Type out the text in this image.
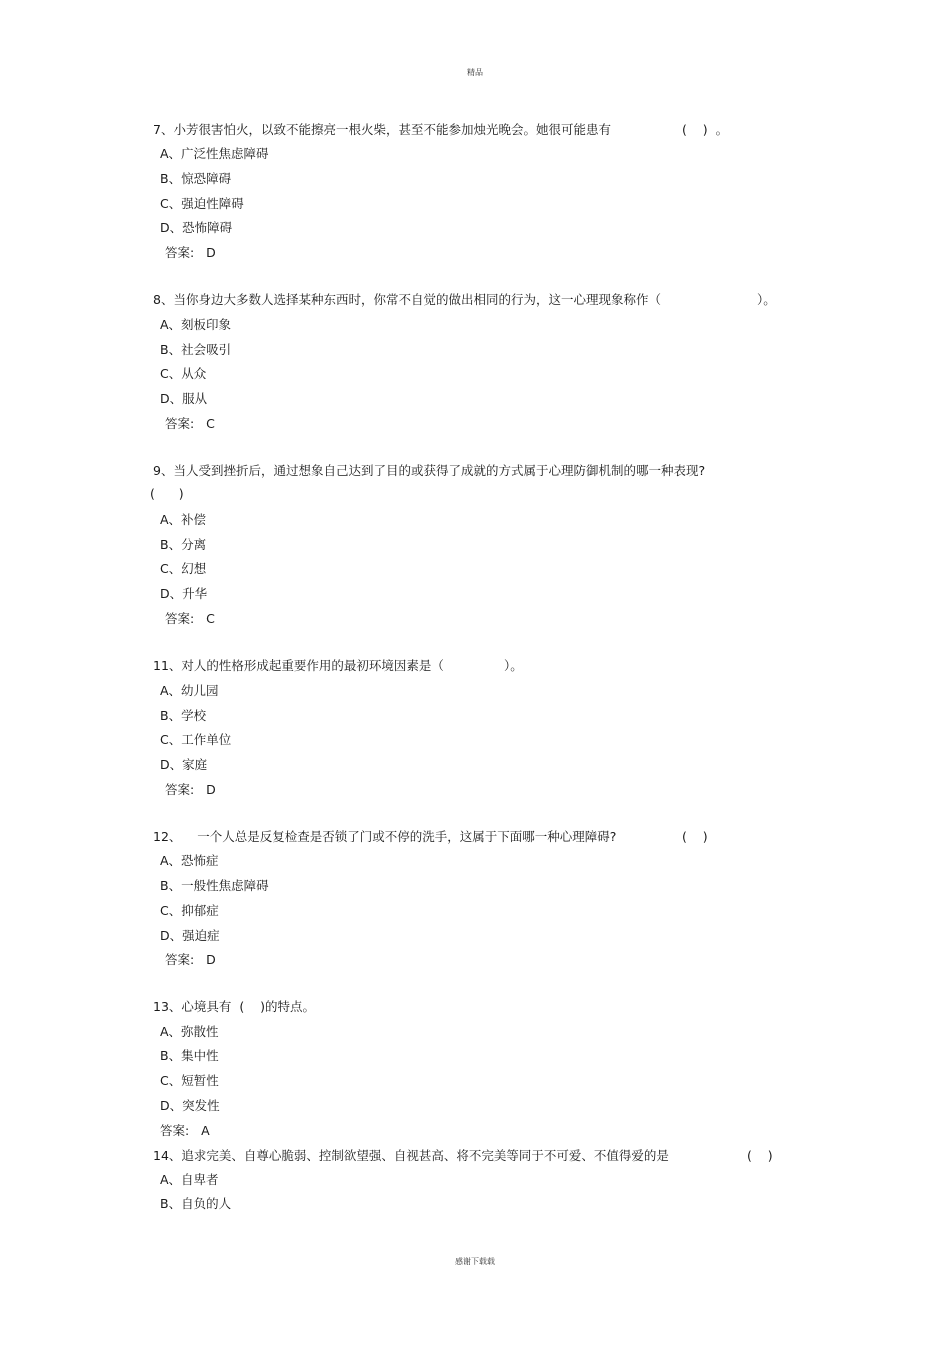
精品
7、小芳很害怕火，以致不能擦亮一根火柴，甚至不能参加烛光晚会。她很可能患有	(    )  。
A、广泛性焦虑障碍
B、惊恐障碍
C、强迫性障碍
D、恐怖障碍
答案:   D
8、当你身边大多数人选择某种东西时，你常不自觉的做出相同的行为，这一心理现象称作（	）。
A、刻板印象
B、社会吸引
C、从众
D、服从
答案:   C
9、当人受到挫折后，通过想象自己达到了目的或获得了成就的方式属于心理防御机制的哪一种表现?
(      )
A、补偿
B、分离
C、幻想
D、升华
答案:   C
11、对人的性格形成起重要作用的最初环境因素是（	）。
A、幼儿园
B、学校
C、工作单位
D、家庭
答案:   D
12、    一个人总是反复检查是否锁了门或不停的洗手，这属于下面哪一种心理障碍?	(    )
A、恐怖症
B、一般性焦虑障碍
C、抑郁症
D、强迫症
答案:   D
13、心境具有  (    )的特点。
A、弥散性
B、集中性
C、短暂性
D、突发性
答案:   A
14、追求完美、自尊心脆弱、控制欲望强、自视甚高、将不完美等同于不可爱、不值得爱的是	(    )
A、自卑者
B、自负的人
感谢下载载
